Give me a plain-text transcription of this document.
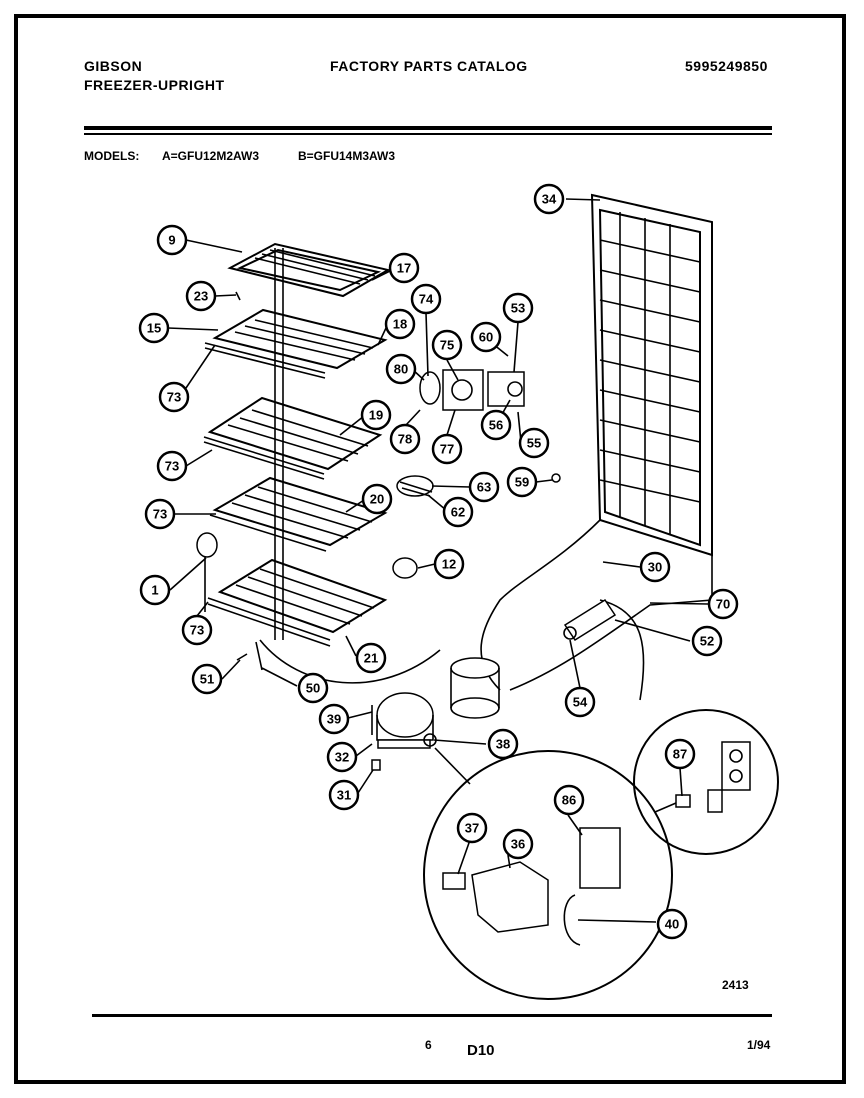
GIBSON
FREEZER-UPRIGHT
FACTORY PARTS CATALOG	5995249850
MODELS: A=GFU12M2AW3	B=GFU14M3AW3
9
17
23	74
53
15	18
75
60
80
73
19
78
56
55
77
73
59
63
62
73
20
12	30
70
1
52
73
21
54
51
50
39
38
32
31
37
36
86
87
40
34
2413
6 D10	1/94
